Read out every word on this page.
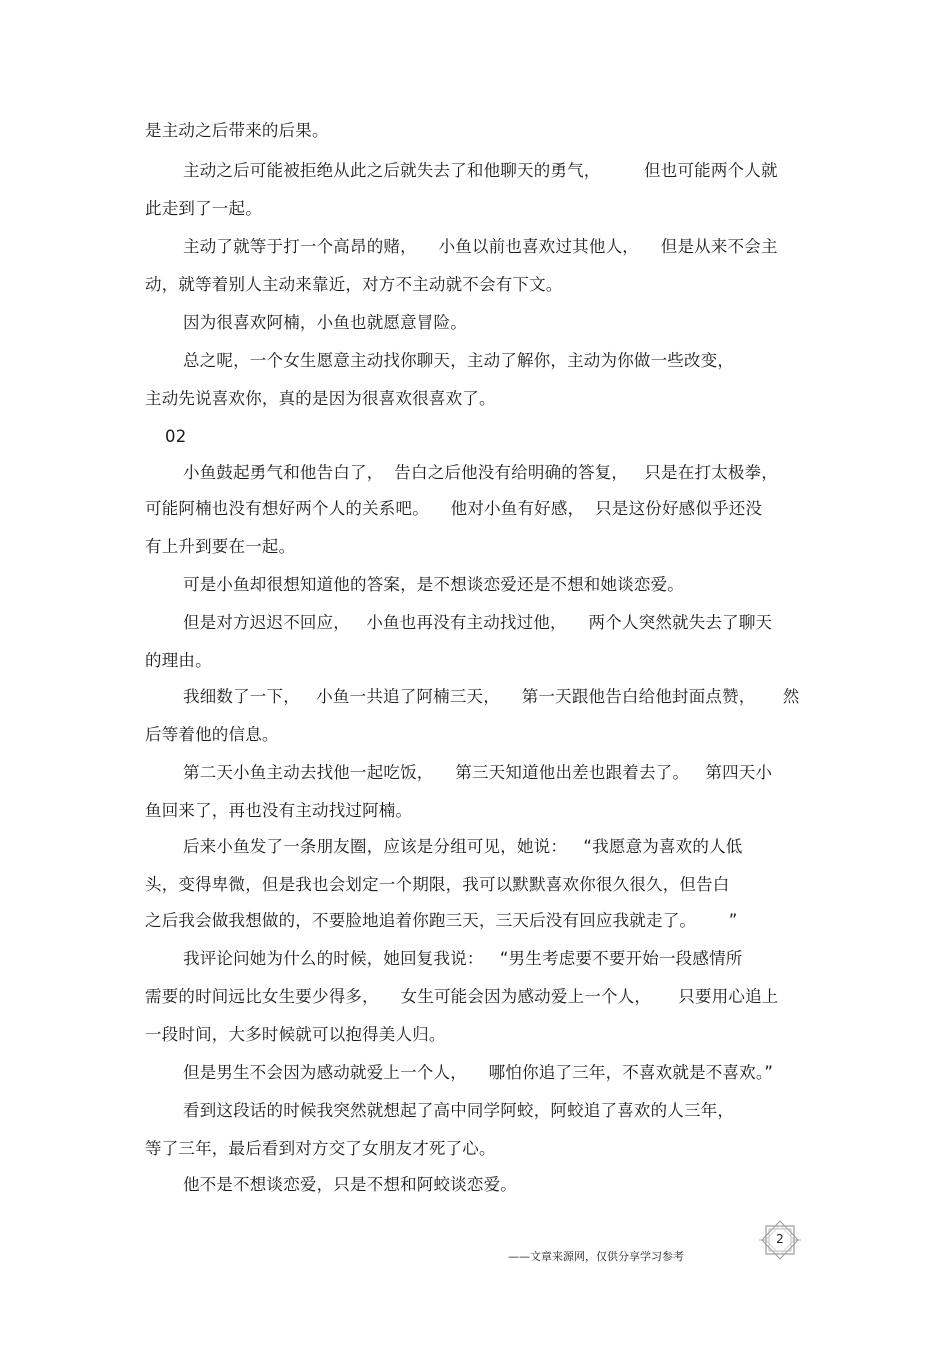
是主动之后带来的后果。
主动之后可能被拒绝从此之后就失去了和他聊天的勇气，        但也可能两个人就
此走到了一起。
主动了就等于打一个高昂的赌，    小鱼以前也喜欢过其他人，    但是从来不会主
动，就等着别人主动来靠近，对方不主动就不会有下文。
因为很喜欢阿楠，小鱼也就愿意冒险。
总之呢，一个女生愿意主动找你聊天，主动了解你，主动为你做一些改变，
主动先说喜欢你，真的是因为很喜欢很喜欢了。
02
小鱼鼓起勇气和他告白了，  告白之后他没有给明确的答复，   只是在打太极拳，
可能阿楠也没有想好两个人的关系吧。    他对小鱼有好感，  只是这份好感似乎还没
有上升到要在一起。
可是小鱼却很想知道他的答案，是不想谈恋爱还是不想和她谈恋爱。
但是对方迟迟不回应，   小鱼也再没有主动找过他，    两个人突然就失去了聊天
的理由。
我细数了一下，   小鱼一共追了阿楠三天，    第一天跟他告白给他封面点赞，     然
后等着他的信息。
第二天小鱼主动去找他一起吃饭，    第三天知道他出差也跟着去了。   第四天小
鱼回来了，再也没有主动找过阿楠。
后来小鱼发了一条朋友圈，应该是分组可见，她说：   “我愿意为喜欢的人低
头，变得卑微，但是我也会划定一个期限，我可以默默喜欢你很久很久，但告白
之后我会做我想做的，不要脸地追着你跑三天，三天后没有回应我就走了。      ”
我评论问她为什么的时候，她回复我说：   “男生考虑要不要开始一段感情所
需要的时间远比女生要少得多，    女生可能会因为感动爱上一个人，     只要用心追上
一段时间，大多时候就可以抱得美人归。
但是男生不会因为感动就爱上一个人，    哪怕你追了三年，不喜欢就是不喜欢。”
看到这段话的时候我突然就想起了高中同学阿蛟，阿蛟追了喜欢的人三年，
等了三年，最后看到对方交了女朋友才死了心。
他不是不想谈恋爱，只是不想和阿蛟谈恋爱。
——文章来源网，仅供分享学习参考
2
